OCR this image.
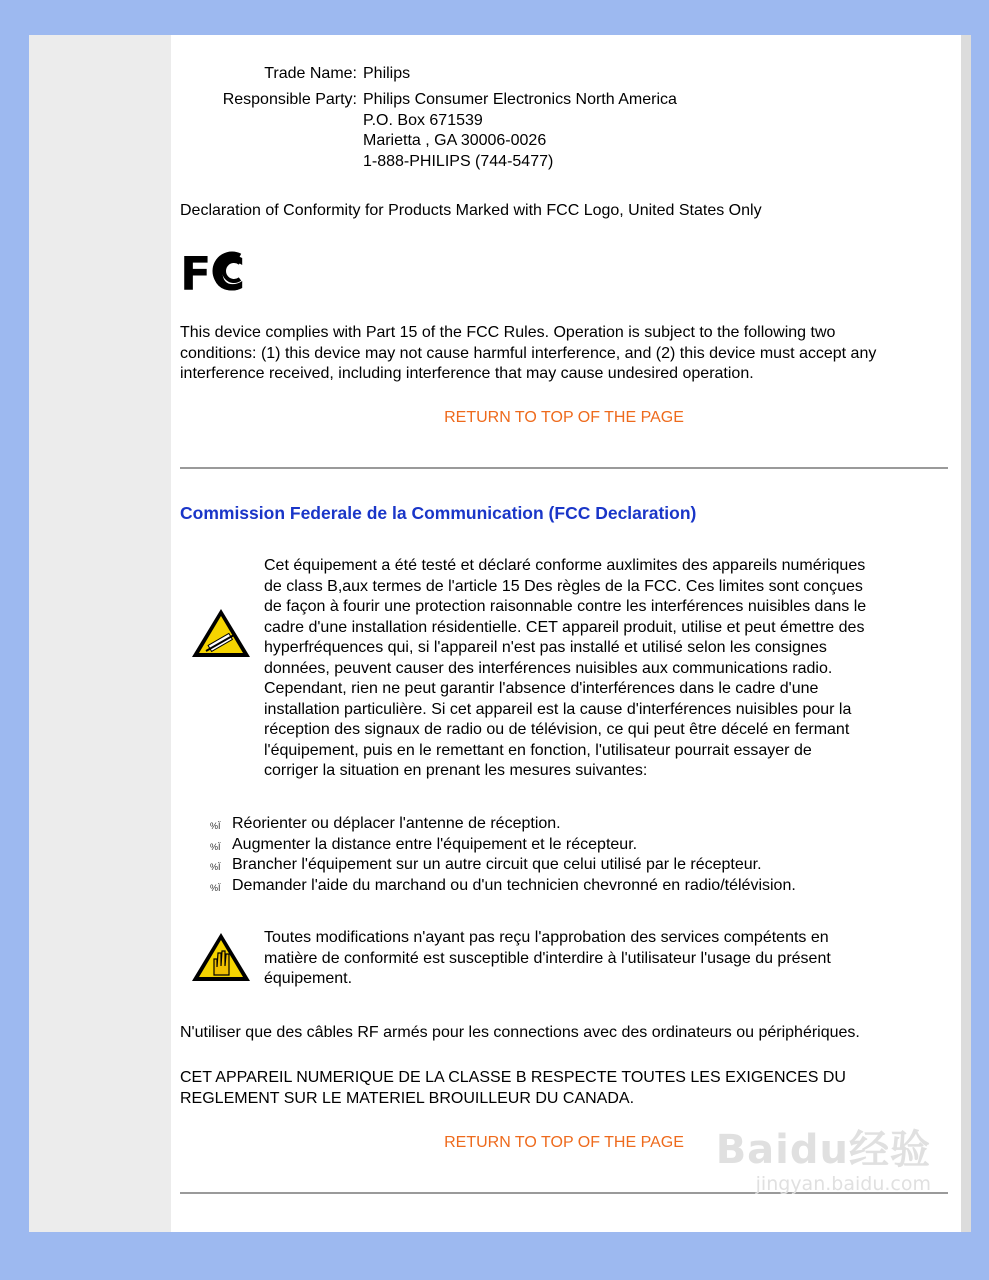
Trade Name: Philips
Responsible Party: Philips Consumer Electronics North America
P.O. Box 671539
Marietta , GA 30006-0026
1-888-PHILIPS (744-5477)
Declaration of Conformity for Products Marked with FCC Logo, United States Only
FC
This device complies with Part 15 of the FCC Rules. Operation is subject to the following two
conditions: (1) this device may not cause harmful interference, and (2) this device must accept any
interference received, including interference that may cause undesired operation.
RETURN TO TOP OF THE PAGE
Commission Federale de la Communication (FCC Declaration)
Cet équipement a été testé et déclaré conforme auxlimites des appareils numériques
de class B,aux termes de l'article 15 Des règles de la FCC. Ces limites sont conçues
de façon à fourir une protection raisonnable contre les interférences nuisibles dans le
cadre d'une installation résidentielle. CET appareil produit, utilise et peut émettre des
hyperfréquences qui, si l'appareil n'est pas installé et utilisé selon les consignes
données, peuvent causer des interférences nuisibles aux communications radio.
Cependant, rien ne peut garantir l'absence d'interférences dans le cadre d'une
installation particulière. Si cet appareil est la cause d'interférences nuisibles pour la
réception des signaux de radio ou de télévision, ce qui peut être décelé en fermant
l'équipement, puis en le remettant en fonction, l'utilisateur pourrait essayer de
corriger la situation en prenant les mesures suivantes:
%Ï Réorienter ou déplacer l'antenne de réception.
%Ï Augmenter la distance entre l'équipement et le récepteur.
%Ï Brancher l'équipement sur un autre circuit que celui utilisé par le récepteur.
%Ï Demander l'aide du marchand ou d'un technicien chevronné en radio/télévision.
Toutes modifications n'ayant pas reçu l'approbation des services compétents en
matière de conformité est susceptible d'interdire à l'utilisateur l'usage du présent
équipement.
N'utiliser que des câbles RF armés pour les connections avec des ordinateurs ou périphériques.
CET APPAREIL NUMERIQUE DE LA CLASSE B RESPECTE TOUTES LES EXIGENCES DU
REGLEMENT SUR LE MATERIEL BROUILLEUR DU CANADA.
RETURN TO TOP OF THE PAGE Baidu经验
jingyan.baidu.com
